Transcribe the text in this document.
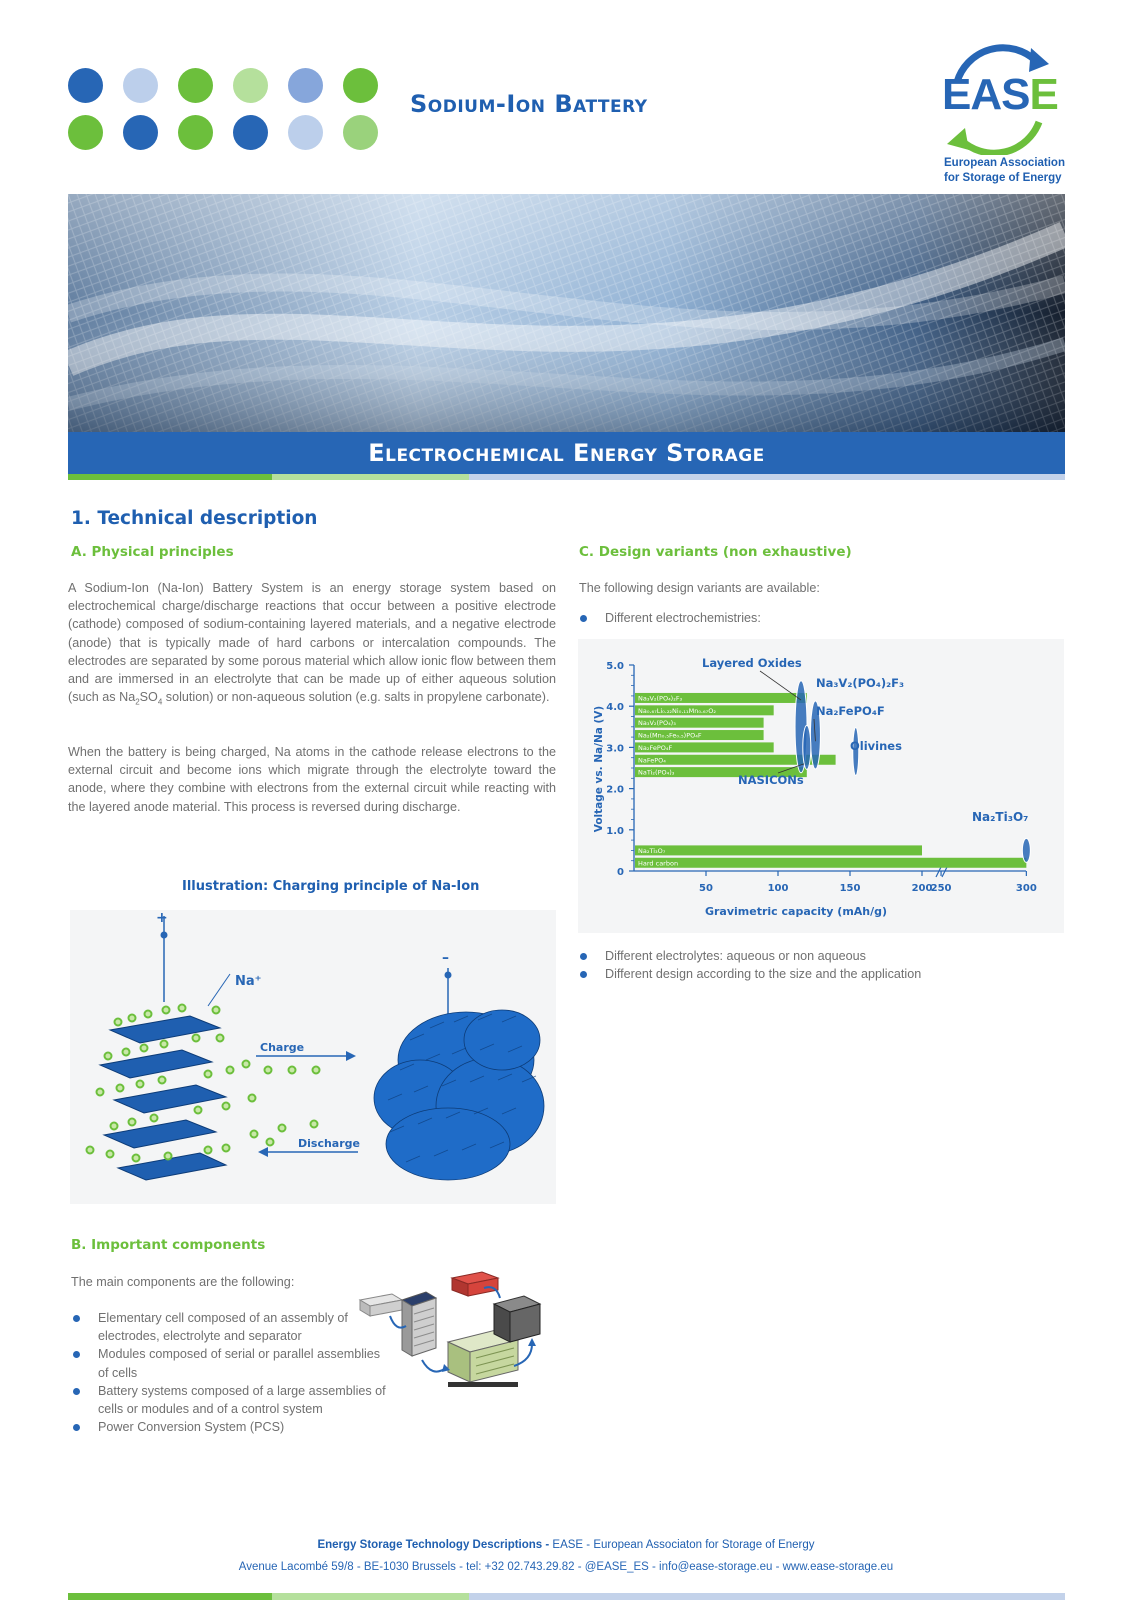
Sodium-Ion Battery	EASE
European Association
for Storage of Energy
Electrochemical Energy Storage
1. Technical description
A. Physical principles

A Sodium-Ion (Na-Ion) Battery System is an energy storage system based on electrochemical charge/discharge reactions that occur between a positive electrode (cathode) composed of sodium-containing layered materials, and a negative electrode (anode) that is typically made of hard carbons or intercalation compounds. The electrodes are separated by some porous material which allow ionic flow between them and are immersed in an electrolyte that can be made up of either aqueous solution (such as $Na_2SO_4$ solution) or non-aqueous solution (e.g. salts in propylene carbonate).

When the battery is being charged, Na atoms in the cathode release electrons to the external circuit and become ions which migrate through the electrolyte toward the anode, where they combine with electrons from the external circuit while reacting with the layered anode material. This process is reversed during discharge.

Illustration: Charging principle of Na-Ion
+
–
Na⁺
Charge
Discharge
B. Important components
The main components are the following:
Elementary cell composed of an assembly of electrodes, electrolyte and separator
Modules composed of serial or parallel assemblies of cells
Battery systems composed of a large assemblies of cells or modules and of a control system
Power Conversion System (PCS)
C. Design variants (non exhaustive)
The following design variants are available:
Different electrochemistries:
5.0
4.0
3.0
2.0
1.0
0
50	100	150	200
250	300
Gravimetric capacity (mAh/g)
Voltage vs. Na/Na (V)
Na₃V₂(PO₄)₂F₃
Na₀.₆₇Li₀.₂₂Ni₀.₁₁Mn₀.₆₇O₂
Na₃V₂(PO₄)₃
Na₂(Mn₀.₅Fe₀.₅)PO₄F
Na₂FePO₄F
NaFePO₄
NaTi₂(PO₄)₃
Na₂Ti₃O₇
Hard carbon
Layered Oxides
Na₃V₂(PO₄)₂F₃
Na₂FePO₄F
Olivines
NASICONs
Na₂Ti₃O₇
Different electrolytes: aqueous or non aqueous
Different design according to the size and the application
Energy Storage Technology Descriptions - EASE - European Associaton for Storage of Energy
Avenue Lacombé 59/8 - BE-1030 Brussels - tel: +32 02.743.29.82 - @EASE_ES - info@ease-storage.eu - www.ease-storage.eu
